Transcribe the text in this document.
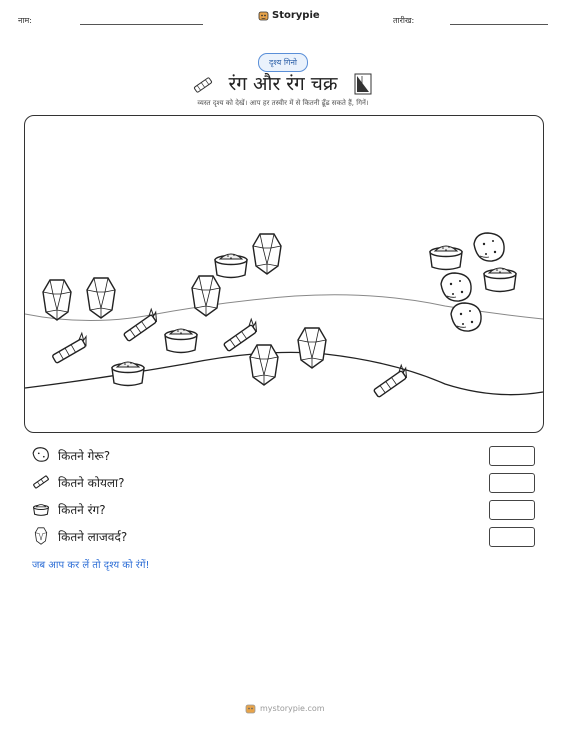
नाम:	Storypie	तारीख:
दृश्य गिनो
रंग और रंग चक्र
व्यस्त दृश्य को देखें। आप हर तस्वीर में से कितनी ढूँढ सकते हैं, गिनें।
कितने गेरू?
कितने कोयला?
कितने रंग?
कितने लाजवर्द?
जब आप कर लें तो दृश्य को रंगें!
mystorypie.com
